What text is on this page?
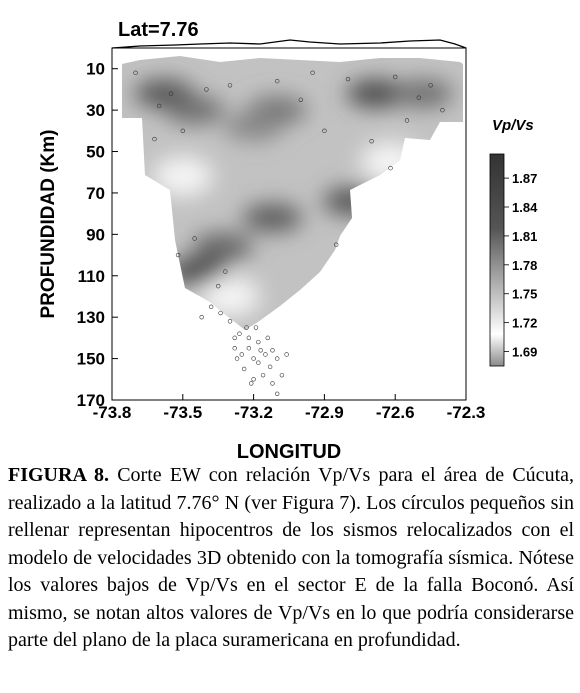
Lat=7.76
-73.8 -73.5 -73.2 -72.9 -72.6 -72.3
10
30
50
70
90
110
130
150
170
LONGITUD
PROFUNDIDAD (Km)
Vp/Vs
1.87
1.84
1.81
1.78
1.75
1.72
1.69
FIGURA 8. Corte EW con relación Vp/Vs para el área de Cúcuta, realizado a la latitud 7.76° N (ver Figura 7). Los círculos pequeños sin rellenar representan hipocentros de los sismos relocalizados con el modelo de velocidades 3D obtenido con la tomografía sísmica. Nótese los valores bajos de Vp/Vs en el sector E de la falla Boconó. Así mismo, se notan altos valores de Vp/Vs en lo que podría considerarse parte del plano de la placa suramericana en profundidad.
